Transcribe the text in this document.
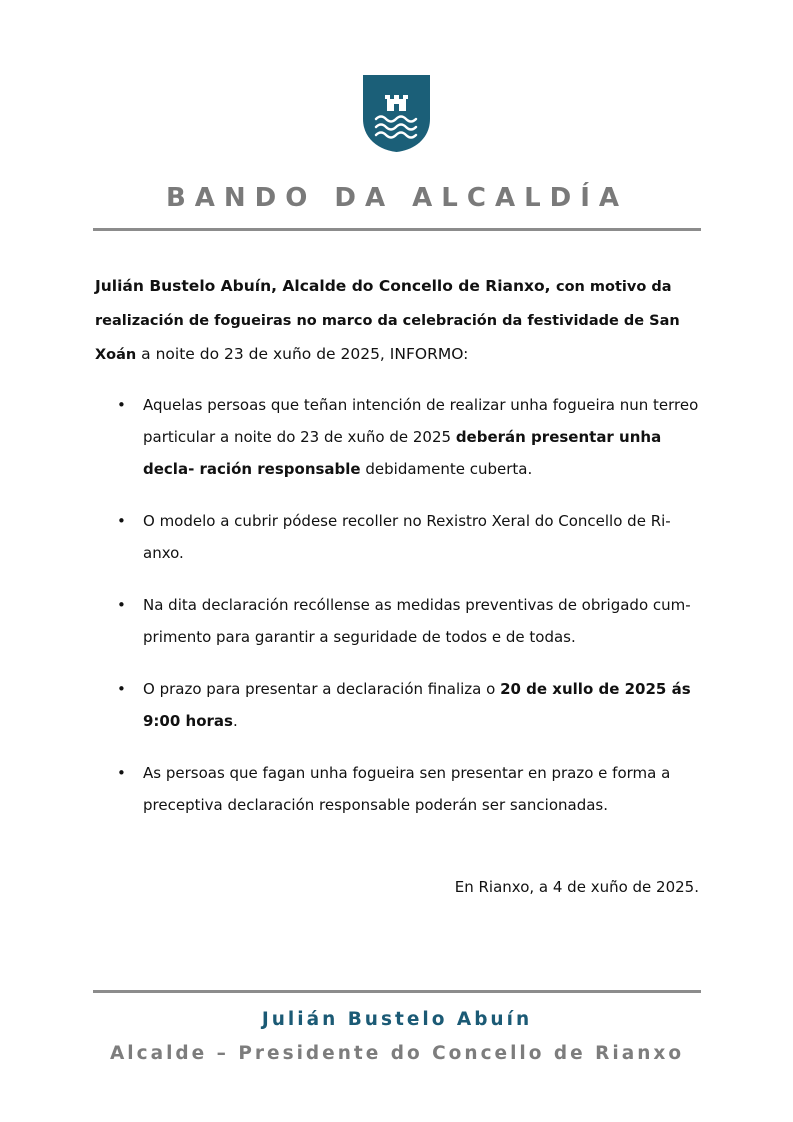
BANDO DA ALCALDÍA

Julián Bustelo Abuín, Alcalde do Concello de Rianxo, con motivo da realización de fogueiras no marco da celebración da festividade de San Xoán a noite do 23 de xuño de 2025, INFORMO:

• Aquelas persoas que teñan intención de realizar unha fogueira nun terreo particular a noite do 23 de xuño de 2025 deberán presentar unha decla- ración responsable debidamente cuberta.
• O modelo a cubrir pódese recoller no Rexistro Xeral do Concello de Ri- anxo.
• Na dita declaración recóllense as medidas preventivas de obrigado cum- primento para garantir a seguridade de todos e de todas.
• O prazo para presentar a declaración finaliza o 20 de xullo de 2025 ás 9:00 horas.
• As persoas que fagan unha fogueira sen presentar en prazo e forma a preceptiva declaración responsable poderán ser sancionadas.
En Rianxo, a 4 de xuño de 2025.
Julián Bustelo Abuín
Alcalde – Presidente do Concello de Rianxo
